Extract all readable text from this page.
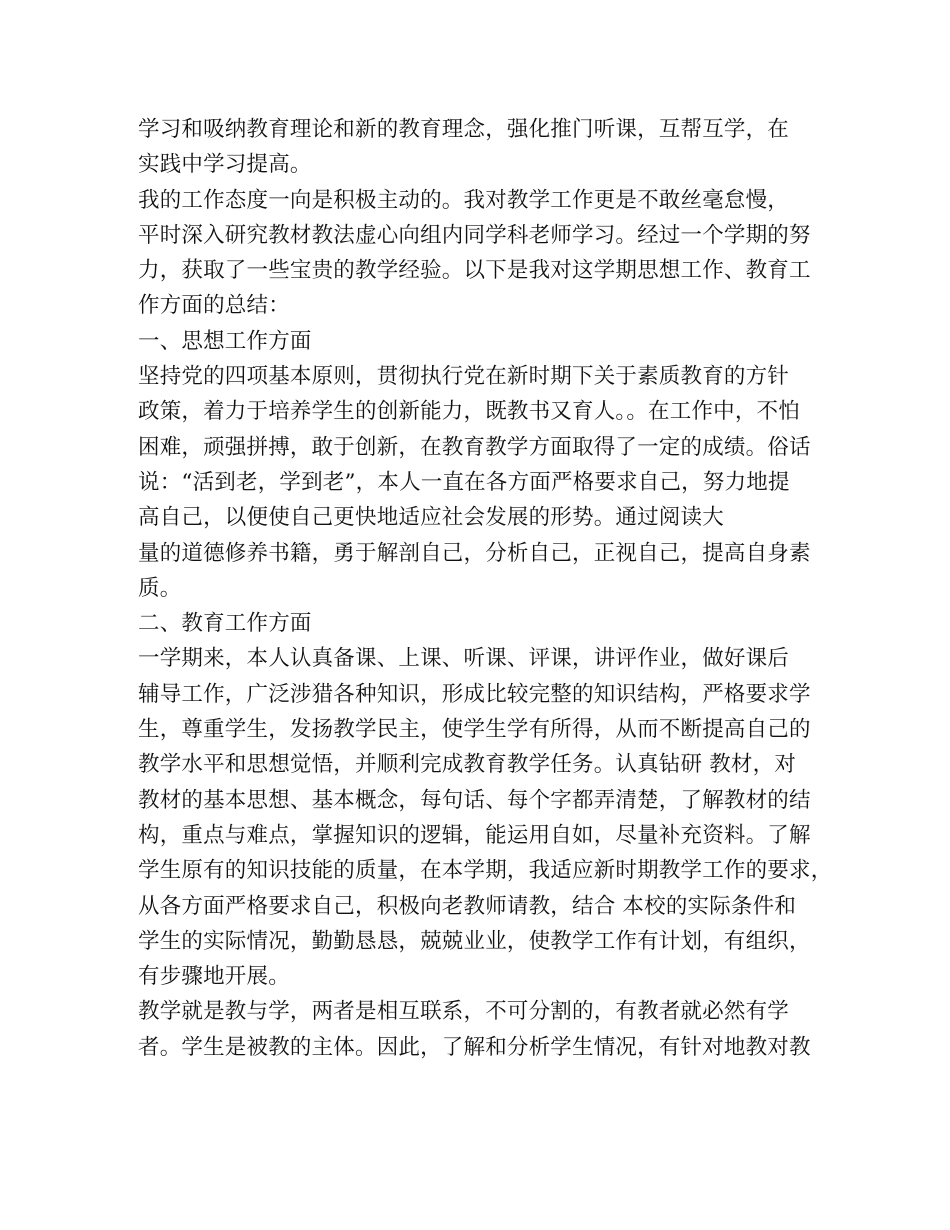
学习和吸纳教育理论和新的教育理念，强化推门听课，互帮互学，在
实践中学习提高。
我的工作态度一向是积极主动的。我对教学工作更是不敢丝毫怠慢，
平时深入研究教材教法虚心向组内同学科老师学习。经过一个学期的努
力，获取了一些宝贵的教学经验。以下是我对这学期思想工作、教育工
作方面的总结：
一、思想工作方面
坚持党的四项基本原则，贯彻执行党在新时期下关于素质教育的方针
政策，着力于培养学生的创新能力，既教书又育人。。在工作中，不怕
困难，顽强拼搏，敢于创新，在教育教学方面取得了一定的成绩。俗话
说：“活到老，学到老”，本人一直在各方面严格要求自己，努力地提
高自己，以便使自己更快地适应社会发展的形势。通过阅读大
量的道德修养书籍，勇于解剖自己，分析自己，正视自己，提高自身素
质。
二、教育工作方面
一学期来，本人认真备课、上课、听课、评课，讲评作业，做好课后
辅导工作，广泛涉猎各种知识，形成比较完整的知识结构，严格要求学
生，尊重学生，发扬教学民主，使学生学有所得，从而不断提高自己的
教学水平和思想觉悟，并顺利完成教育教学任务。认真钻研 教材，对
教材的基本思想、基本概念，每句话、每个字都弄清楚，了解教材的结
构，重点与难点，掌握知识的逻辑，能运用自如，尽量补充资料。了解
学生原有的知识技能的质量，在本学期，我适应新时期教学工作的要求，
从各方面严格要求自己，积极向老教师请教，结合 本校的实际条件和
学生的实际情况，勤勤恳恳，兢兢业业，使教学工作有计划，有组织，
有步骤地开展。
教学就是教与学，两者是相互联系，不可分割的，有教者就必然有学
者。学生是被教的主体。因此，了解和分析学生情况，有针对地教对教
